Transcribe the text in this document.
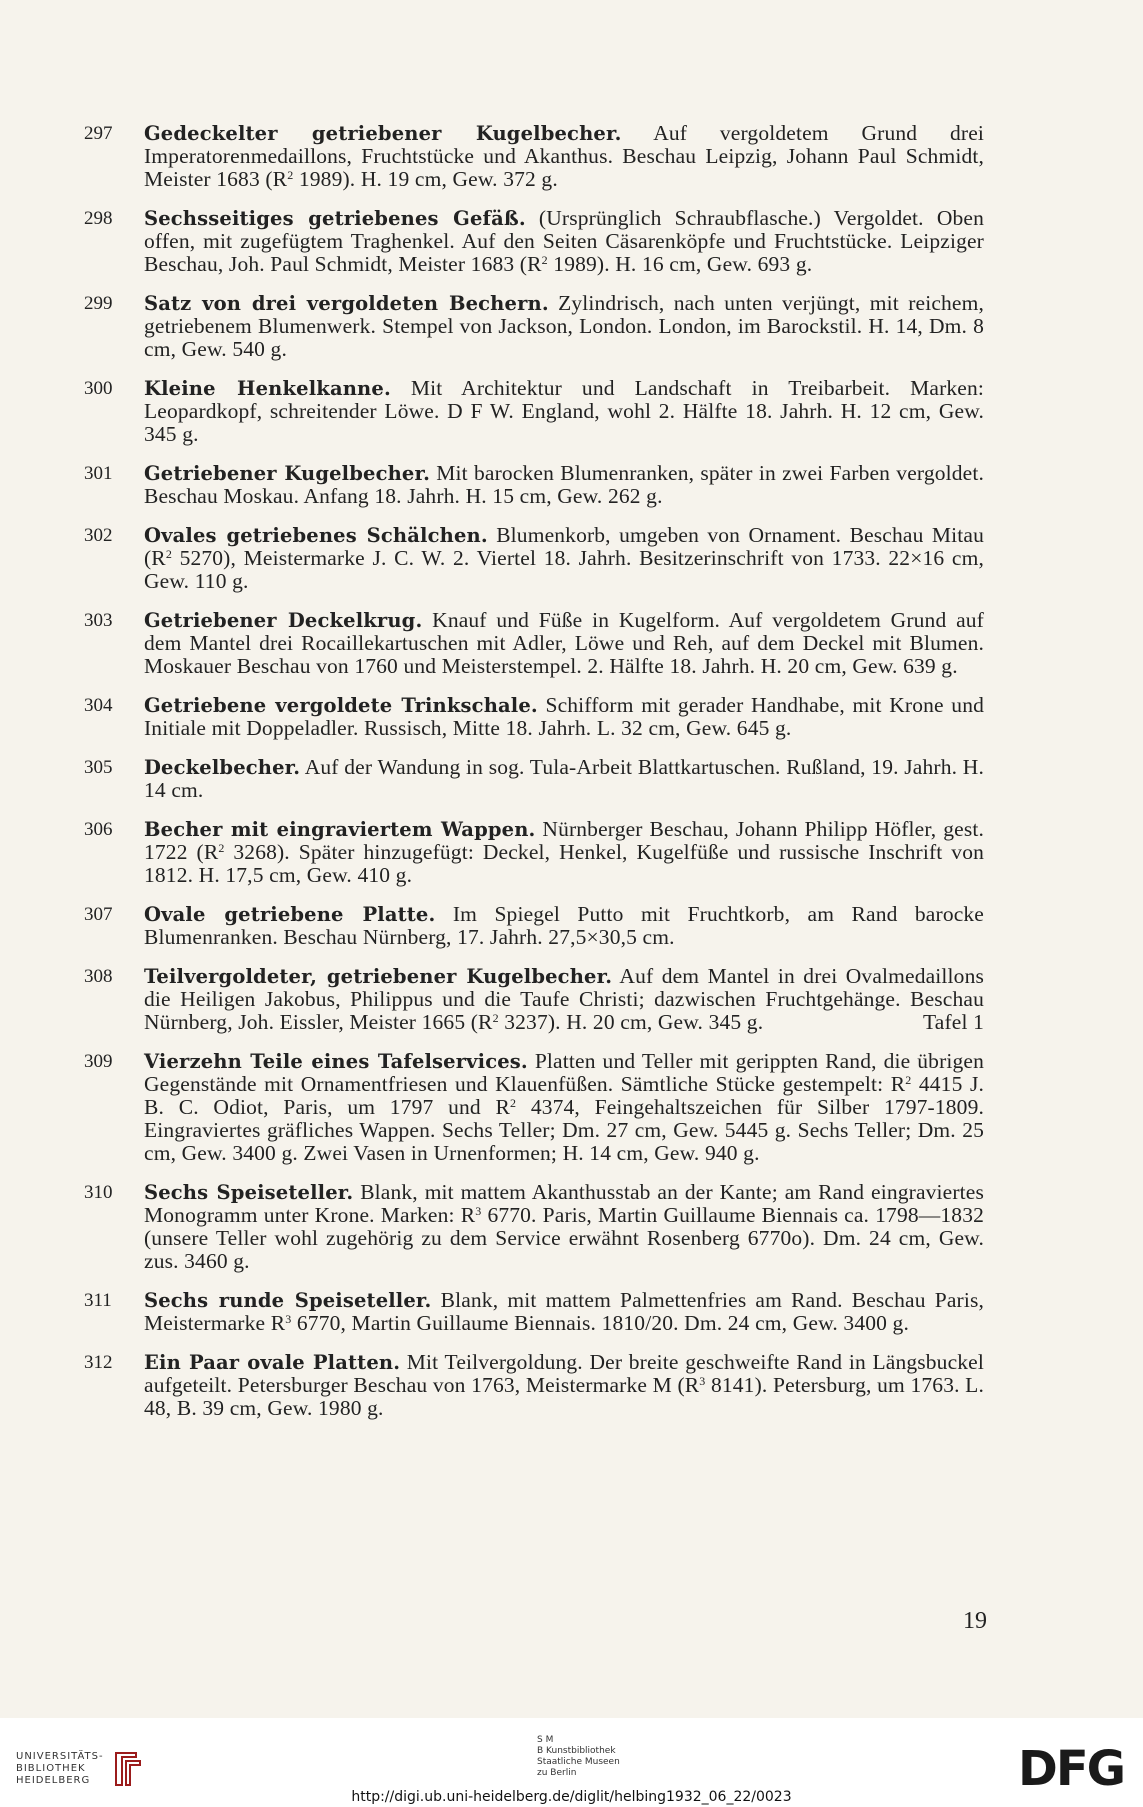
297	Gedeckelter getriebener Kugelbecher. Auf vergoldetem Grund drei Imperatorenmedaillons, Fruchtstücke und Akanthus. Beschau Leipzig, Johann Paul Schmidt, Meister 1683 ($R^2$ 1989). H. 19 cm, Gew. 372 g.
298	Sechsseitiges getriebenes Gefäß. (Ursprünglich Schraubflasche.) Vergoldet. Oben offen, mit zugefügtem Traghenkel. Auf den Seiten Cäsarenköpfe und Fruchtstücke. Leipziger Beschau, Joh. Paul Schmidt, Meister 1683 ($R^2$ 1989). H. 16 cm, Gew. 693 g.
299	Satz von drei vergoldeten Bechern. Zylindrisch, nach unten verjüngt, mit reichem, getriebenem Blumenwerk. Stempel von Jackson, London. London, im Barockstil. H. 14, Dm. 8 cm, Gew. 540 g.
300	Kleine Henkelkanne. Mit Architektur und Landschaft in Treibarbeit. Marken: Leopardkopf, schreitender Löwe. D F W. England, wohl 2. Hälfte 18. Jahrh. H. 12 cm, Gew. 345 g.
301	Getriebener Kugelbecher. Mit barocken Blumenranken, später in zwei Farben vergoldet. Beschau Moskau. Anfang 18. Jahrh. H. 15 cm, Gew. 262 g.
302	Ovales getriebenes Schälchen. Blumenkorb, umgeben von Ornament. Beschau Mitau ($R^2$ 5270), Meistermarke J. C. W. 2. Viertel 18. Jahrh. Besitzerinschrift von 1733. 22×16 cm, Gew. 110 g.
303	Getriebener Deckelkrug. Knauf und Füße in Kugelform. Auf vergoldetem Grund auf dem Mantel drei Rocaillekartuschen mit Adler, Löwe und Reh, auf dem Deckel mit Blumen. Moskauer Beschau von 1760 und Meisterstempel. 2. Hälfte 18. Jahrh. H. 20 cm, Gew. 639 g.
304	Getriebene vergoldete Trinkschale. Schifform mit gerader Handhabe, mit Krone und Initiale mit Doppeladler. Russisch, Mitte 18. Jahrh. L. 32 cm, Gew. 645 g.
305	Deckelbecher. Auf der Wandung in sog. Tula-Arbeit Blattkartuschen. Rußland, 19. Jahrh. H. 14 cm.
306	Becher mit eingraviertem Wappen. Nürnberger Beschau, Johann Philipp Höfler, gest. 1722 ($R^2$ 3268). Später hinzugefügt: Deckel, Henkel, Kugelfüße und russische Inschrift von 1812. H. 17,5 cm, Gew. 410 g.
307	Ovale getriebene Platte. Im Spiegel Putto mit Fruchtkorb, am Rand barocke Blumenranken. Beschau Nürnberg, 17. Jahrh. 27,5×30,5 cm.
308	Teilvergoldeter, getriebener Kugelbecher. Auf dem Mantel in drei Ovalmedaillons die Heiligen Jakobus, Philippus und die Taufe Christi; dazwischen Fruchtgehänge. Beschau Nürnberg, Joh. Eissler, Meister 1665 ($R^2$ 3237). H. 20 cm, Gew. 345 g.	Tafel 1
309	Vierzehn Teile eines Tafelservices. Platten und Teller mit gerippten Rand, die übrigen Gegenstände mit Ornamentfriesen und Klauenfüßen. Sämtliche Stücke gestempelt: $R^2$ 4415 J. B. C. Odiot, Paris, um 1797 und $R^2$ 4374, Feingehaltszeichen für Silber 1797-1809. Eingraviertes gräfliches Wappen. Sechs Teller; Dm. 27 cm, Gew. 5445 g. Sechs Teller; Dm. 25 cm, Gew. 3400 g. Zwei Vasen in Urnenformen; H. 14 cm, Gew. 940 g.
310	Sechs Speiseteller. Blank, mit mattem Akanthusstab an der Kante; am Rand eingraviertes Monogramm unter Krone. Marken: $R^3$ 6770. Paris, Martin Guillaume Biennais ca. 1798—1832 (unsere Teller wohl zugehörig zu dem Service erwähnt Rosenberg 6770o). Dm. 24 cm, Gew. zus. 3460 g.
311	Sechs runde Speiseteller. Blank, mit mattem Palmettenfries am Rand. Beschau Paris, Meistermarke $R^3$ 6770, Martin Guillaume Biennais. 1810/20. Dm. 24 cm, Gew. 3400 g.
312	Ein Paar ovale Platten. Mit Teilvergoldung. Der breite geschweifte Rand in Längsbuckel aufgeteilt. Petersburger Beschau von 1763, Meistermarke M ($R^3$ 8141). Petersburg, um 1763. L. 48, B. 39 cm, Gew. 1980 g.
19
UNIVERSITÄTS-
BIBLIOTHEK
HEIDELBERG
S M
B Kunstbibliothek
Staatliche Museen
zu Berlin	DFG
http://digi.ub.uni-heidelberg.de/diglit/helbing1932_06_22/0023
